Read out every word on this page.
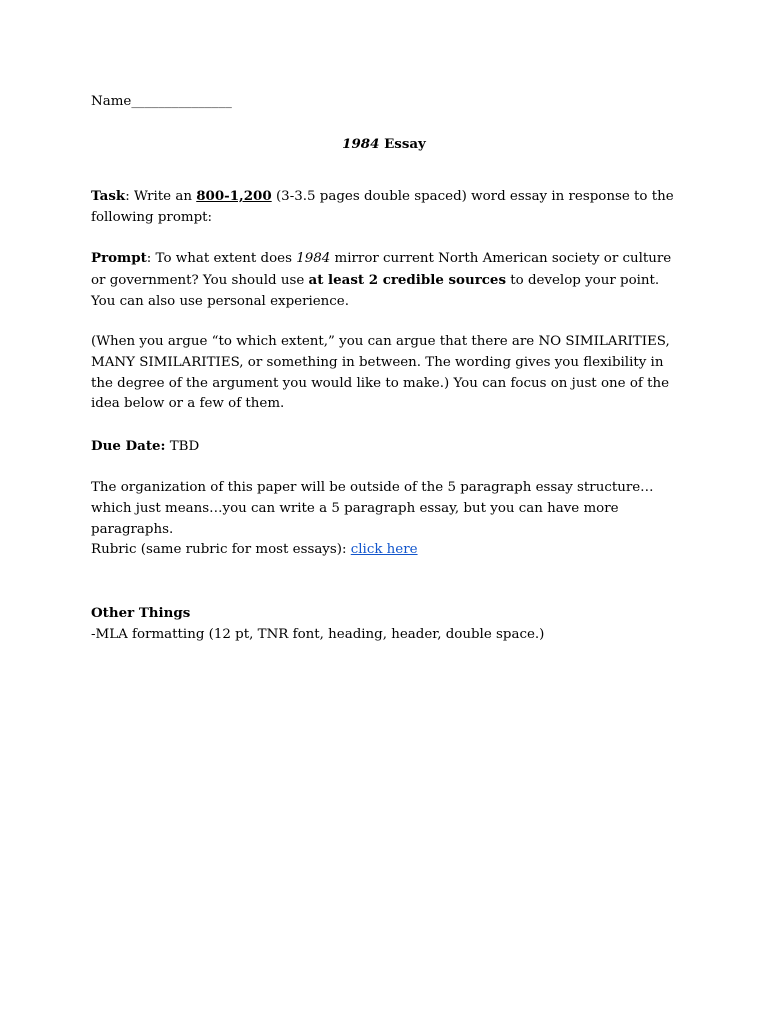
Name_______________

1984 Essay

Task: Write an 800-1,200 (3-3.5 pages double spaced) word essay in response to the following prompt:

Prompt: To what extent does 1984 mirror current North American society or culture or government? You should use at least 2 credible sources to develop your point. You can also use personal experience.

(When you argue “to which extent,” you can argue that there are NO SIMILARITIES, MANY SIMILARITIES, or something in between. The wording gives you flexibility in the degree of the argument you would like to make.) You can focus on just one of the idea below or a few of them.

Due Date: TBD

The organization of this paper will be outside of the 5 paragraph essay structure…which just means…you can write a 5 paragraph essay, but you can have more paragraphs.

Rubric (same rubric for most essays): click here

Other Things
-MLA formatting (12 pt, TNR font, heading, header, double space.)
